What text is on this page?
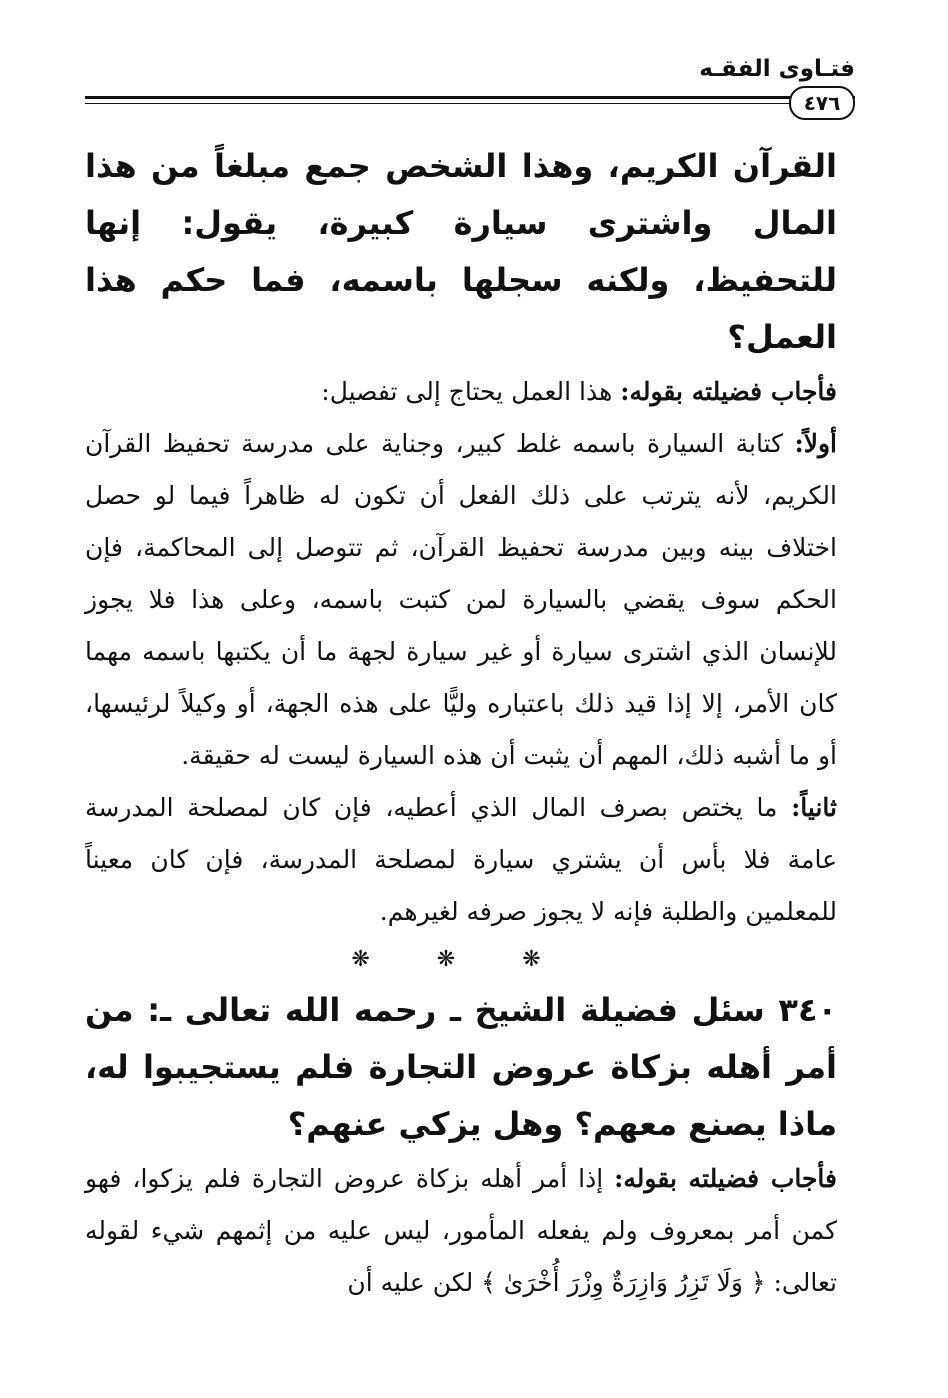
فتـاوى الفقـه
٤٧٦

القرآن الكريم، وهذا الشخص جمع مبلغاً من هذا المال واشترى سيارة كبيرة، يقول: إنها للتحفيظ، ولكنه سجلها باسمه، فما حكم هذا العمل؟

فأجاب فضيلته بقوله: هذا العمل يحتاج إلى تفصيل:

أولاً: كتابة السيارة باسمه غلط كبير، وجناية على مدرسة تحفيظ القرآن الكريم، لأنه يترتب على ذلك الفعل أن تكون له ظاهراً فيما لو حصل اختلاف بينه وبين مدرسة تحفيظ القرآن، ثم تتوصل إلى المحاكمة، فإن الحكم سوف يقضي بالسيارة لمن كتبت باسمه، وعلى هذا فلا يجوز للإنسان الذي اشترى سيارة أو غير سيارة لجهة ما أن يكتبها باسمه مهما كان الأمر، إلا إذا قيد ذلك باعتباره وليًّا على هذه الجهة، أو وكيلاً لرئيسها، أو ما أشبه ذلك، المهم أن يثبت أن هذه السيارة ليست له حقيقة.

ثانياً: ما يختص بصرف المال الذي أعطيه، فإن كان لمصلحة المدرسة عامة فلا بأس أن يشتري سيارة لمصلحة المدرسة، فإن كان معيناً للمعلمين والطلبة فإنه لا يجوز صرفه لغيرهم.

❋ ❋ ❋

٣٤٠ سئل فضيلة الشيخ ـ رحمه الله تعالى ـ: من أمر أهله بزكاة عروض التجارة فلم يستجيبوا له، ماذا يصنع معهم؟ وهل يزكي عنهم؟

فأجاب فضيلته بقوله: إذا أمر أهله بزكاة عروض التجارة فلم يزكوا، فهو كمن أمر بمعروف ولم يفعله المأمور، ليس عليه من إثمهم شيء لقوله تعالى: ﴿ وَلَا تَزِرُ وَازِرَةٌ وِزْرَ أُخْرَىٰ ﴾ لكن عليه أن
